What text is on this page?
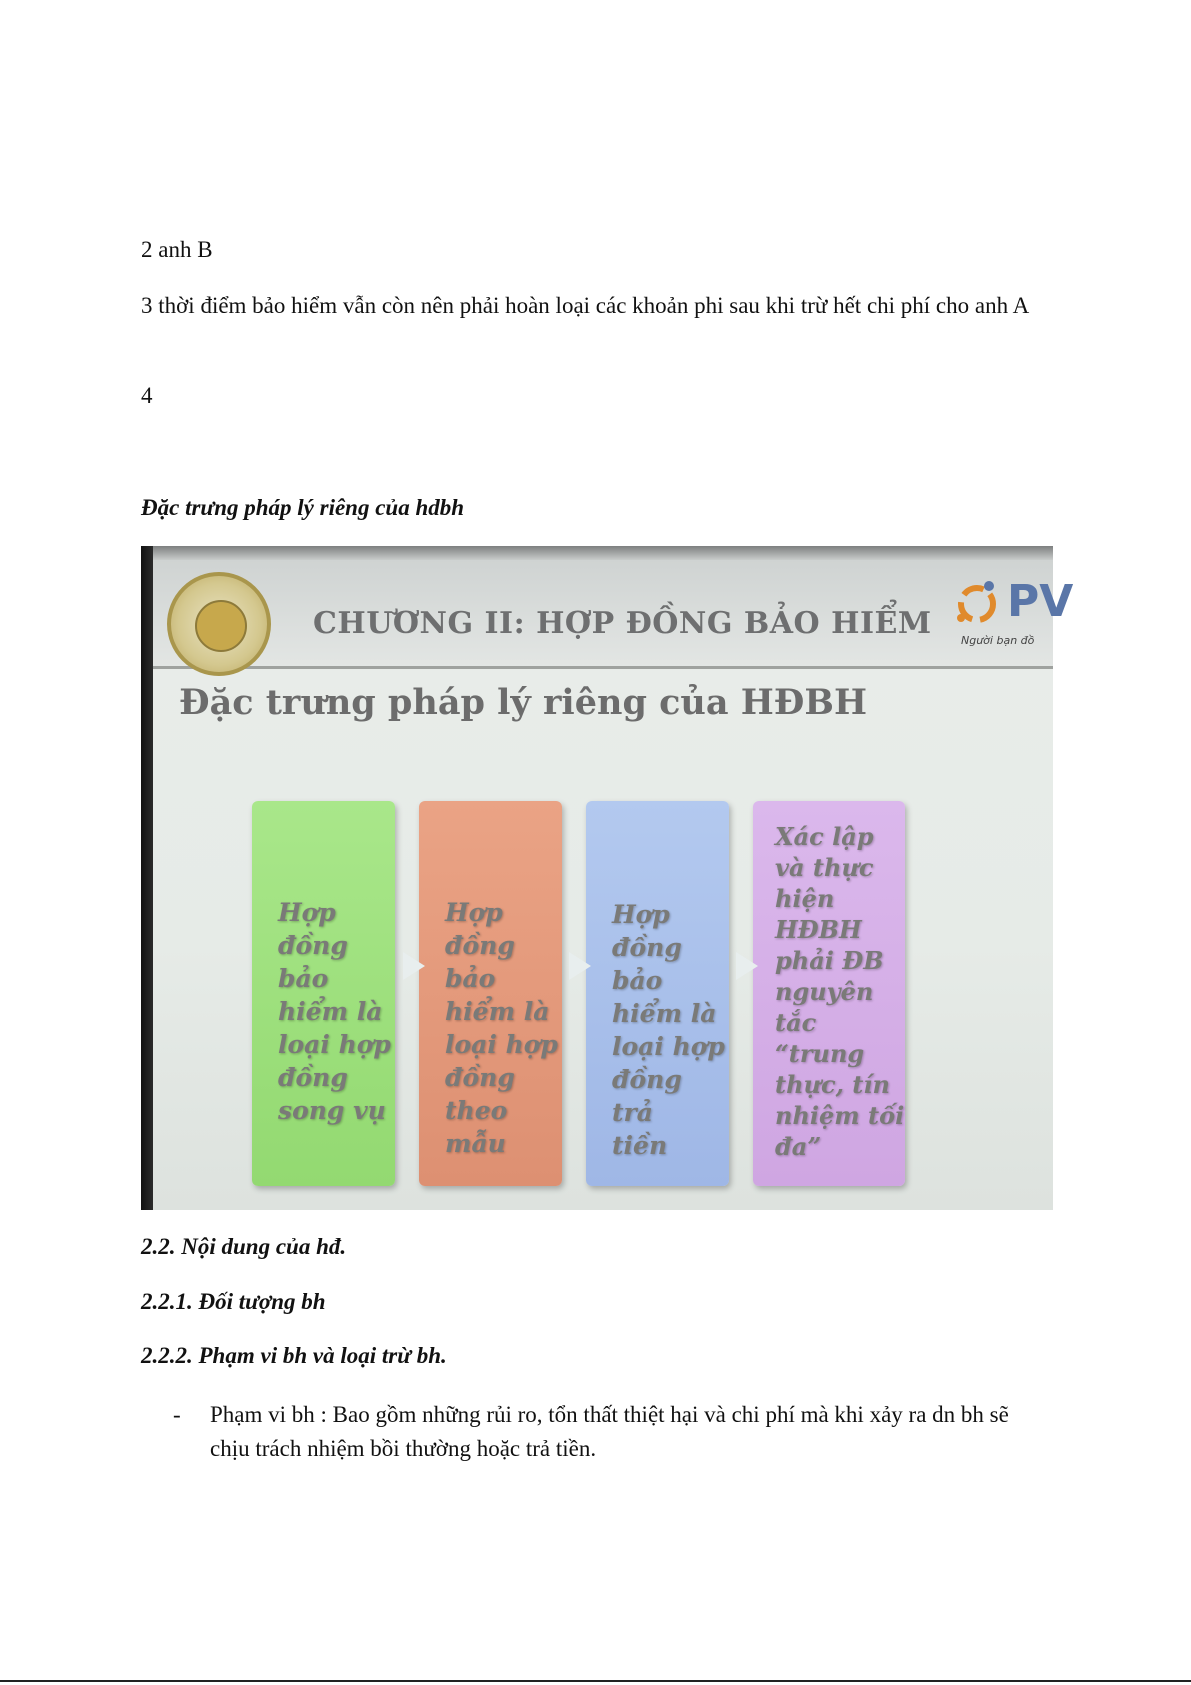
2 anh B

3 thời điểm bảo hiểm vẫn còn nên phải hoàn loại các khoản phi sau khi trừ hết chi phí cho anh A

4

Đặc trưng pháp lý riêng của hdbh

CHƯƠNG II: HỢP ĐỒNG BẢO HIỂM PV
Người bạn đồ
Đặc trưng pháp lý riêng của HĐBH
Hợp
đồng bảo
hiểm là
loại hợp
đồng
song vụ
Hợp
đồng bảo
hiểm là
loại hợp
đồng
theo mẫu
Hợp
đồng bảo
hiểm là
loại hợp
đồng trả
tiền
Xác lập
và thực
hiện
HĐBH
phải ĐB
nguyên
tắc
“trung
thực, tín
nhiệm tối
đa”

2.2. Nội dung của hđ.

2.2.1. Đối tượng bh

2.2.2. Phạm vi bh và loại trừ bh.

- Phạm vi bh : Bao gồm những rủi ro, tổn thất thiệt hại và chi phí mà khi xảy ra dn bh sẽ chịu trách nhiệm bồi thường hoặc trả tiền.
